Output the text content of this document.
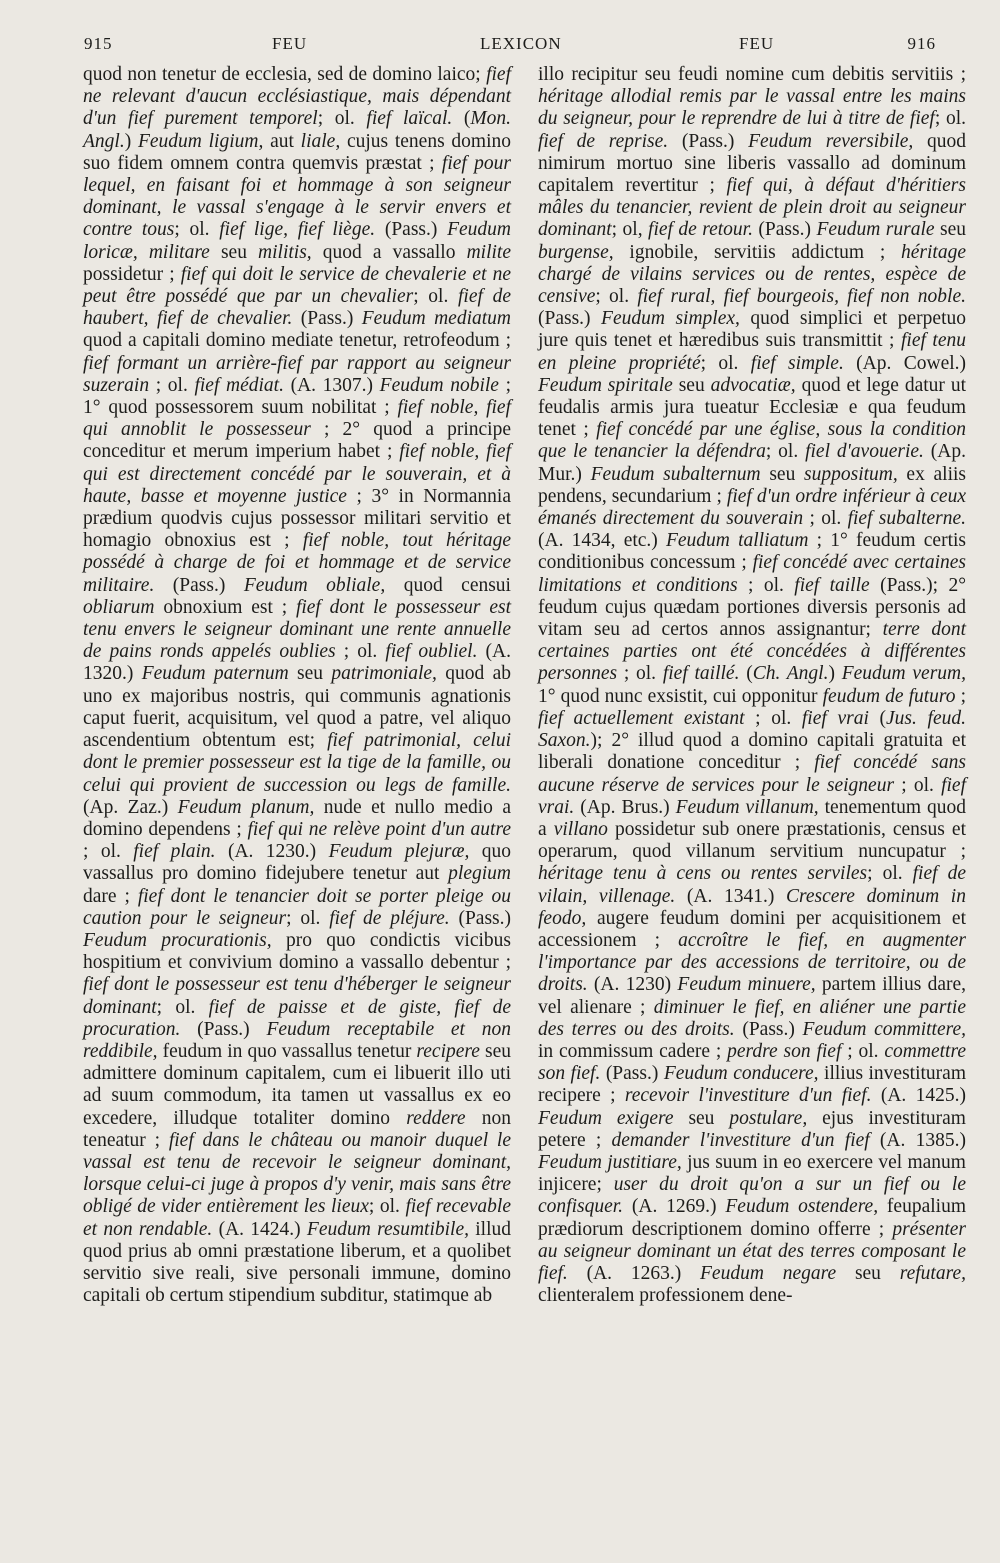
915	FEU	LEXICON	FEU	916

quod non tenetur de ecclesia, sed de domino laico; fief ne relevant d'aucun ecclésiastique, mais dépendant d'un fief purement temporel; ol. fief laïcal. (Mon. Angl.) Feudum ligium, aut liale, cujus tenens domino suo fidem omnem contra quemvis præstat ; fief pour lequel, en faisant foi et hommage à son seigneur dominant, le vassal s'engage à le servir envers et contre tous; ol. fief lige, fief liège. (Pass.) Feudum loricæ, militare seu militis, quod a vassallo milite possidetur ; fief qui doit le service de chevalerie et ne peut être possédé que par un chevalier; ol. fief de haubert, fief de chevalier. (Pass.) Feudum mediatum quod a capitali domino mediate tenetur, retrofeodum ; fief formant un arrière-fief par rapport au seigneur suzerain ; ol. fief médiat. (A. 1307.) Feudum nobile ; 1° quod possessorem suum nobilitat ; fief noble, fief qui annoblit le possesseur ; 2° quod a principe conceditur et merum imperium habet ; fief noble, fief qui est directement concédé par le souverain, et à haute, basse et moyenne justice ; 3° in Normannia prædium quodvis cujus possessor militari servitio et homagio obnoxius est ; fief noble, tout héritage possédé à charge de foi et hommage et de service militaire. (Pass.) Feudum obliale, quod censui obliarum obnoxium est ; fief dont le possesseur est tenu envers le seigneur dominant une rente annuelle de pains ronds appelés oublies ; ol. fief oubliel. (A. 1320.) Feudum paternum seu patrimoniale, quod ab uno ex majoribus nostris, qui communis agnationis caput fuerit, acquisitum, vel quod a patre, vel aliquo ascendentium obtentum est; fief patrimonial, celui dont le premier possesseur est la tige de la famille, ou celui qui provient de succession ou legs de famille. (Ap. Zaz.) Feudum planum, nude et nullo medio a domino dependens ; fief qui ne relève point d'un autre ; ol. fief plain. (A. 1230.) Feudum plejuræ, quo vassallus pro domino fidejubere tenetur aut plegium dare ; fief dont le tenancier doit se porter pleige ou caution pour le seigneur; ol. fief de pléjure. (Pass.) Feudum procurationis, pro quo condictis vicibus hospitium et convivium domino a vassallo debentur ; fief dont le possesseur est tenu d'héberger le seigneur dominant; ol. fief de paisse et de giste, fief de procuration. (Pass.) Feudum receptabile et non reddibile, feudum in quo vassallus tenetur recipere seu admittere dominum capitalem, cum ei libuerit illo uti ad suum commodum, ita tamen ut vassallus ex eo excedere, illudque totaliter domino reddere non teneatur ; fief dans le château ou manoir duquel le vassal est tenu de recevoir le seigneur dominant, lorsque celui-ci juge à propos d'y venir, mais sans être obligé de vider entièrement les lieux; ol. fief recevable et non rendable. (A. 1424.) Feudum resumtibile, illud quod prius ab omni præstatione liberum, et a quolibet servitio sive reali, sive personali immune, domino capitali ob certum stipendium subditur, statimque ab

illo recipitur seu feudi nomine cum debitis servitiis ; héritage allodial remis par le vassal entre les mains du seigneur, pour le reprendre de lui à titre de fief; ol. fief de reprise. (Pass.) Feudum reversibile, quod nimirum mortuo sine liberis vassallo ad dominum capitalem revertitur ; fief qui, à défaut d'héritiers mâles du tenancier, revient de plein droit au seigneur dominant; ol, fief de retour. (Pass.) Feudum rurale seu burgense, ignobile, servitiis addictum ; héritage chargé de vilains services ou de rentes, espèce de censive; ol. fief rural, fief bourgeois, fief non noble. (Pass.) Feudum simplex, quod simplici et perpetuo jure quis tenet et hæredibus suis transmittit ; fief tenu en pleine propriété; ol. fief simple. (Ap. Cowel.) Feudum spiritale seu advocatiæ, quod et lege datur ut feudalis armis jura tueatur Ecclesiæ e qua feudum tenet ; fief concédé par une église, sous la condition que le tenancier la défendra; ol. fiel d'avouerie. (Ap. Mur.) Feudum subalternum seu suppositum, ex aliis pendens, secundarium ; fief d'un ordre inférieur à ceux émanés directement du souverain ; ol. fief subalterne. (A. 1434, etc.) Feudum talliatum ; 1° feudum certis conditionibus concessum ; fief concédé avec certaines limitations et conditions ; ol. fief taille (Pass.); 2° feudum cujus quædam portiones diversis personis ad vitam seu ad certos annos assignantur; terre dont certaines parties ont été concédées à différentes personnes ; ol. fief taillé. (Ch. Angl.) Feudum verum, 1° quod nunc exsistit, cui opponitur feudum de futuro ; fief actuellement existant ; ol. fief vrai (Jus. feud. Saxon.); 2° illud quod a domino capitali gratuita et liberali donatione conceditur ; fief concédé sans aucune réserve de services pour le seigneur ; ol. fief vrai. (Ap. Brus.) Feudum villanum, tenementum quod a villano possidetur sub onere præstationis, census et operarum, quod villanum servitium nuncupatur ; héritage tenu à cens ou rentes serviles; ol. fief de vilain, villenage. (A. 1341.) Crescere dominum in feodo, augere feudum domini per acquisitionem et accessionem ; accroître le fief, en augmenter l'importance par des accessions de territoire, ou de droits. (A. 1230) Feudum minuere, partem illius dare, vel alienare ; diminuer le fief, en aliéner une partie des terres ou des droits. (Pass.) Feudum committere, in commissum cadere ; perdre son fief ; ol. commettre son fief. (Pass.) Feudum conducere, illius investituram recipere ; recevoir l'investiture d'un fief. (A. 1425.) Feudum exigere seu postulare, ejus investituram petere ; demander l'investiture d'un fief (A. 1385.) Feudum justitiare, jus suum in eo exercere vel manum injicere; user du droit qu'on a sur un fief ou le confisquer. (A. 1269.) Feudum ostendere, feupalium prædiorum descriptionem domino offerre ; présenter au seigneur dominant un état des terres composant le fief. (A. 1263.) Feudum negare seu refutare, clienteralem professionem dene-
